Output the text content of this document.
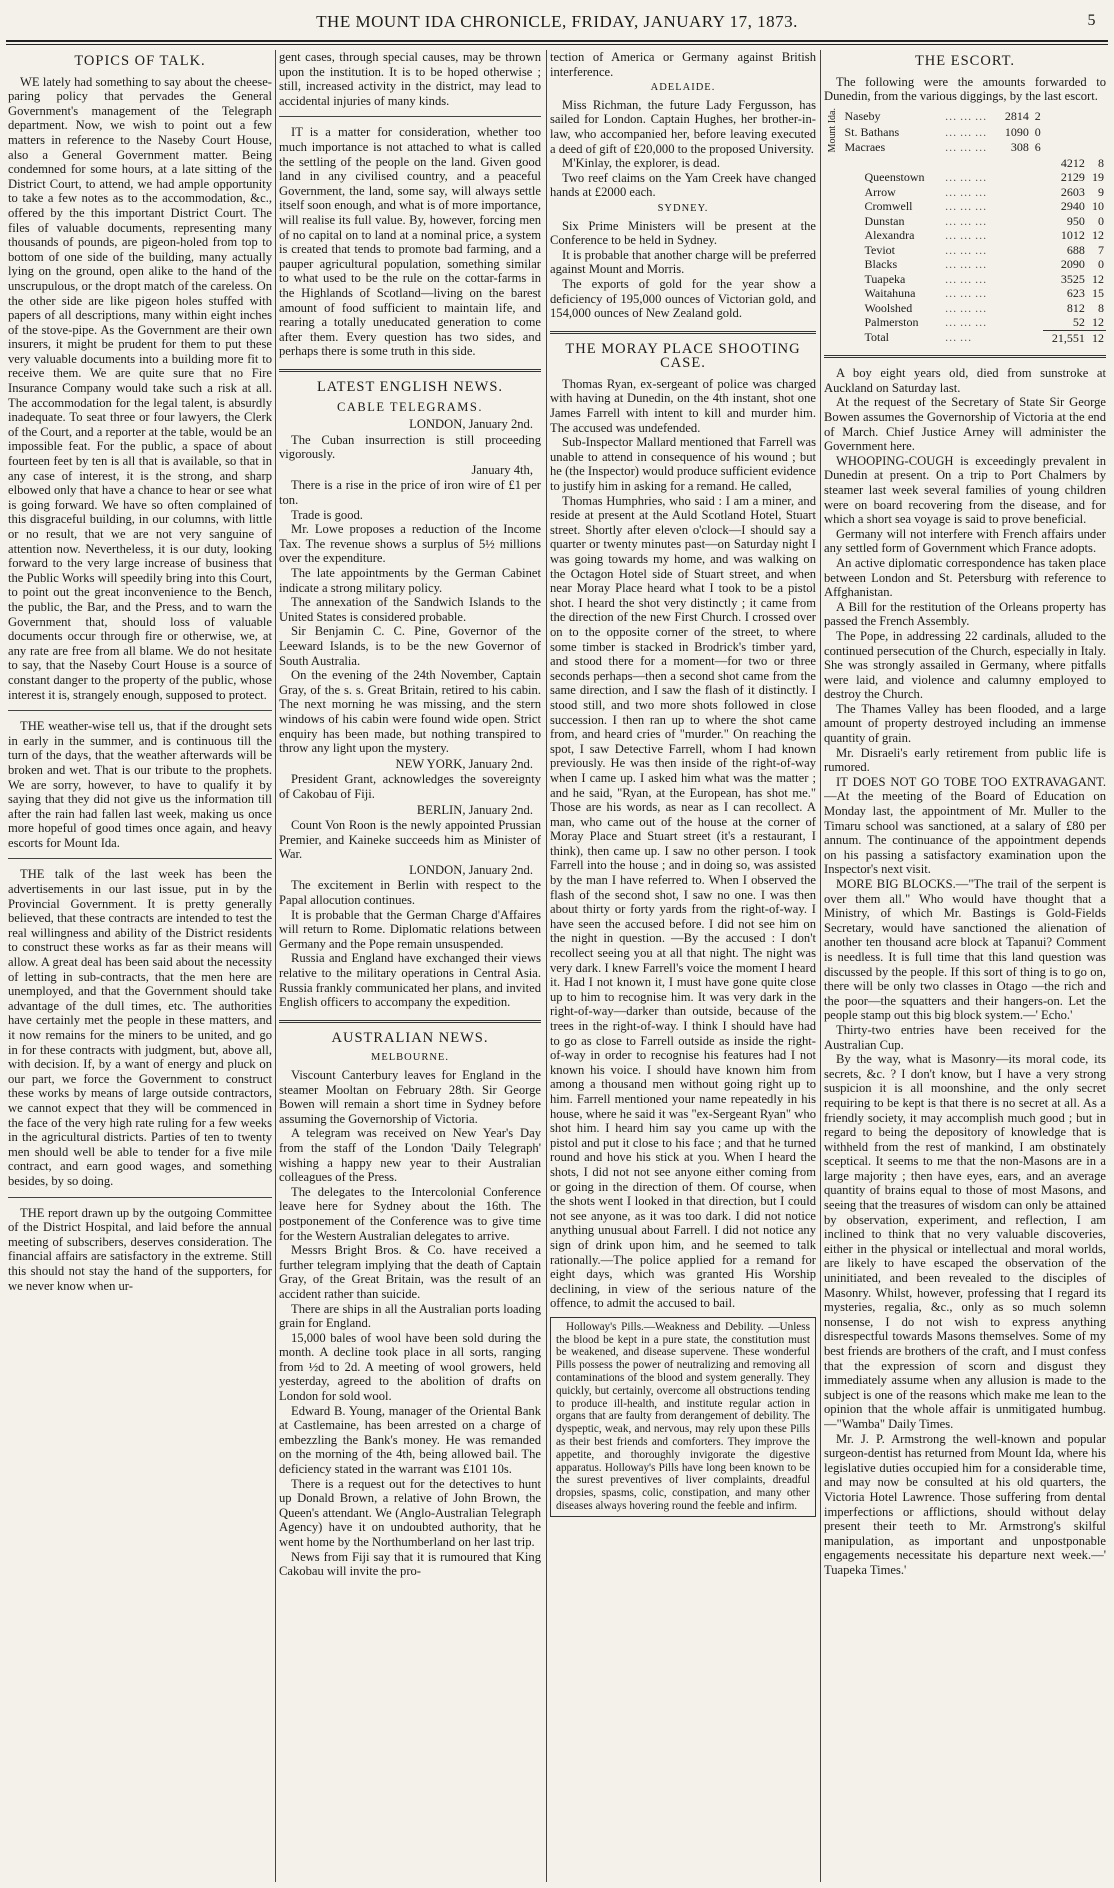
THE MOUNT IDA CHRONICLE, FRIDAY, JANUARY 17, 1873.	5
TOPICS OF TALK.

WE lately had something to say about the cheese-paring policy that pervades the General Government's management of the Telegraph department. Now, we wish to point out a few matters in reference to the Naseby Court House, also a General Government matter. Being condemned for some hours, at a late sitting of the District Court, to attend, we had ample opportunity to take a few notes as to the accommodation, &c., offered by the this important District Court. The files of valuable documents, representing many thousands of pounds, are pigeon-holed from top to bottom of one side of the building, many actually lying on the ground, open alike to the hand of the unscrupulous, or the dropt match of the careless. On the other side are like pigeon holes stuffed with papers of all descriptions, many within eight inches of the stove-pipe. As the Government are their own insurers, it might be prudent for them to put these very valuable documents into a building more fit to receive them. We are quite sure that no Fire Insurance Company would take such a risk at all. The accommodation for the legal talent, is absurdly inadequate. To seat three or four lawyers, the Clerk of the Court, and a reporter at the table, would be an impossible feat. For the public, a space of about fourteen feet by ten is all that is available, so that in any case of interest, it is the strong, and sharp elbowed only that have a chance to hear or see what is going forward. We have so often complained of this disgraceful building, in our columns, with little or no result, that we are not very sanguine of attention now. Nevertheless, it is our duty, looking forward to the very large increase of business that the Public Works will speedily bring into this Court, to point out the great inconvenience to the Bench, the public, the Bar, and the Press, and to warn the Government that, should loss of valuable documents occur through fire or otherwise, we, at any rate are free from all blame. We do not hesitate to say, that the Naseby Court House is a source of constant danger to the property of the public, whose interest it is, strangely enough, supposed to protect.

THE weather-wise tell us, that if the drought sets in early in the summer, and is continuous till the turn of the days, that the weather afterwards will be broken and wet. That is our tribute to the prophets. We are sorry, however, to have to qualify it by saying that they did not give us the information till after the rain had fallen last week, making us once more hopeful of good times once again, and heavy escorts for Mount Ida.

THE talk of the last week has been the advertisements in our last issue, put in by the Provincial Government. It is pretty generally believed, that these contracts are intended to test the real willingness and ability of the District residents to construct these works as far as their means will allow. A great deal has been said about the necessity of letting in sub-contracts, that the men here are unemployed, and that the Government should take advantage of the dull times, etc. The authorities have certainly met the people in these matters, and it now remains for the miners to be united, and go in for these contracts with judgment, but, above all, with decision. If, by a want of energy and pluck on our part, we force the Government to construct these works by means of large outside contractors, we cannot expect that they will be commenced in the face of the very high rate ruling for a few weeks in the agricultural districts. Parties of ten to twenty men should well be able to tender for a five mile contract, and earn good wages, and something besides, by so doing.

THE report drawn up by the outgoing Committee of the District Hospital, and laid before the annual meeting of subscribers, deserves consideration. The financial affairs are satisfactory in the extreme. Still this should not stay the hand of the supporters, for we never know when ur-

gent cases, through special causes, may be thrown upon the institution. It is to be hoped otherwise ; still, increased activity in the district, may lead to accidental injuries of many kinds.

IT is a matter for consideration, whether too much importance is not attached to what is called the settling of the people on the land. Given good land in any civilised country, and a peaceful Government, the land, some say, will always settle itself soon enough, and what is of more importance, will realise its full value. By, however, forcing men of no capital on to land at a nominal price, a system is created that tends to promote bad farming, and a pauper agricultural population, something similar to what used to be the rule on the cottar-farms in the Highlands of Scotland—living on the barest amount of food sufficient to maintain life, and rearing a totally uneducated generation to come after them. Every question has two sides, and perhaps there is some truth in this side.

LATEST ENGLISH NEWS.
CABLE TELEGRAMS.
LONDON, January 2nd.

The Cuban insurrection is still proceeding vigorously.

January 4th,

There is a rise in the price of iron wire of £1 per ton.

Trade is good.

Mr. Lowe proposes a reduction of the Income Tax. The revenue shows a surplus of 5½ millions over the expenditure.

The late appointments by the German Cabinet indicate a strong military policy.

The annexation of the Sandwich Islands to the United States is considered probable.

Sir Benjamin C. C. Pine, Governor of the Leeward Islands, is to be the new Governor of South Australia.

On the evening of the 24th November, Captain Gray, of the s. s. Great Britain, retired to his cabin. The next morning he was missing, and the stern windows of his cabin were found wide open. Strict enquiry has been made, but nothing transpired to throw any light upon the mystery.

NEW YORK, January 2nd.

President Grant, acknowledges the sovereignty of Cakobau of Fiji.

BERLIN, January 2nd.

Count Von Roon is the newly appointed Prussian Premier, and Kaineke succeeds him as Minister of War.

LONDON, January 2nd.

The excitement in Berlin with respect to the Papal allocution continues.

It is probable that the German Charge d'Affaires will return to Rome. Diplomatic relations between Germany and the Pope remain unsuspended.

Russia and England have exchanged their views relative to the military operations in Central Asia. Russia frankly communicated her plans, and invited English officers to accompany the expedition.

AUSTRALIAN NEWS.
MELBOURNE.

Viscount Canterbury leaves for England in the steamer Mooltan on February 28th. Sir George Bowen will remain a short time in Sydney before assuming the Governorship of Victoria.

A telegram was received on New Year's Day from the staff of the London 'Daily Telegraph' wishing a happy new year to their Australian colleagues of the Press.

The delegates to the Intercolonial Conference leave here for Sydney about the 16th. The postponement of the Conference was to give time for the Western Australian delegates to arrive.

Messrs Bright Bros. & Co. have received a further telegram implying that the death of Captain Gray, of the Great Britain, was the result of an accident rather than suicide.

There are ships in all the Australian ports loading grain for England.

15,000 bales of wool have been sold during the month. A decline took place in all sorts, ranging from ½d to 2d. A meeting of wool growers, held yesterday, agreed to the abolition of drafts on London for sold wool.

Edward B. Young, manager of the Oriental Bank at Castlemaine, has been arrested on a charge of embezzling the Bank's money. He was remanded on the morning of the 4th, being allowed bail. The deficiency stated in the warrant was £101 10s.

There is a request out for the detectives to hunt up Donald Brown, a relative of John Brown, the Queen's attendant. We (Anglo-Australian Telegraph Agency) have it on undoubted authority, that he went home by the Northumberland on her last trip.

News from Fiji say that it is rumoured that King Cakobau will invite the pro-

tection of America or Germany against British interference.

ADELAIDE.

Miss Richman, the future Lady Fergusson, has sailed for London. Captain Hughes, her brother-in-law, who accompanied her, before leaving executed a deed of gift of £20,000 to the proposed University.

M'Kinlay, the explorer, is dead.

Two reef claims on the Yam Creek have changed hands at £2000 each.

SYDNEY.

Six Prime Ministers will be present at the Conference to be held in Sydney.

It is probable that another charge will be preferred against Mount and Morris.

The exports of gold for the year show a deficiency of 195,000 ounces of Victorian gold, and 154,000 ounces of New Zealand gold.

THE MORAY PLACE SHOOTING CASE.

Thomas Ryan, ex-sergeant of police was charged with having at Dunedin, on the 4th instant, shot one James Farrell with intent to kill and murder him. The accused was undefended.

Sub-Inspector Mallard mentioned that Farrell was unable to attend in consequence of his wound ; but he (the Inspector) would produce sufficient evidence to justify him in asking for a remand. He called,

Thomas Humphries, who said : I am a miner, and reside at present at the Auld Scotland Hotel, Stuart street. Shortly after eleven o'clock—I should say a quarter or twenty minutes past—on Saturday night I was going towards my home, and was walking on the Octagon Hotel side of Stuart street, and when near Moray Place heard what I took to be a pistol shot. I heard the shot very distinctly ; it came from the direction of the new First Church. I crossed over on to the opposite corner of the street, to where some timber is stacked in Brodrick's timber yard, and stood there for a moment—for two or three seconds perhaps—then a second shot came from the same direction, and I saw the flash of it distinctly. I stood still, and two more shots followed in close succession. I then ran up to where the shot came from, and heard cries of "murder." On reaching the spot, I saw Detective Farrell, whom I had known previously. He was then inside of the right-of-way when I came up. I asked him what was the matter ; and he said, "Ryan, at the European, has shot me." Those are his words, as near as I can recollect. A man, who came out of the house at the corner of Moray Place and Stuart street (it's a restaurant, I think), then came up. I saw no other person. I took Farrell into the house ; and in doing so, was assisted by the man I have referred to. When I observed the flash of the second shot, I saw no one. I was then about thirty or forty yards from the right-of-way. I have seen the accused before. I did not see him on the night in question. —By the accused : I don't recollect seeing you at all that night. The night was very dark. I knew Farrell's voice the moment I heard it. Had I not known it, I must have gone quite close up to him to recognise him. It was very dark in the right-of-way—darker than outside, because of the trees in the right-of-way. I think I should have had to go as close to Farrell outside as inside the right-of-way in order to recognise his features had I not known his voice. I should have known him from among a thousand men without going right up to him. Farrell mentioned your name repeatedly in his house, where he said it was "ex-Sergeant Ryan" who shot him. I heard him say you came up with the pistol and put it close to his face ; and that he turned round and hove his stick at you. When I heard the shots, I did not not see anyone either coming from or going in the direction of them. Of course, when the shots went I looked in that direction, but I could not see anyone, as it was too dark. I did not notice anything unusual about Farrell. I did not notice any sign of drink upon him, and he seemed to talk rationally.—The police applied for a remand for eight days, which was granted His Worship declining, in view of the serious nature of the offence, to admit the accused to bail.

Holloway's Pills.—Weakness and Debility. —Unless the blood be kept in a pure state, the constitution must be weakened, and disease supervene. These wonderful Pills possess the power of neutralizing and removing all contaminations of the blood and system generally. They quickly, but certainly, overcome all obstructions tending to produce ill-health, and institute regular action in organs that are faulty from derangement of debility. The dyspeptic, weak, and nervous, may rely upon these Pills as their best friends and comforters. They improve the appetite, and thoroughly invigorate the digestive apparatus. Holloway's Pills have long been known to be the surest preventives of liver complaints, dreadful dropsies, spasms, colic, constipation, and many other diseases always hovering round the feeble and infirm.

THE ESCORT.

The following were the amounts forwarded to Dunedin, from the various diggings, by the last escort.

Mount Ida.	Naseby	… … …	2814	2		
	St. Bathans	… … …	1090	0		
	Macraes	… … …	308	6		
					4212	8
	Queenstown	… … …			2129	19
	Arrow	… … …			2603	9
	Cromwell	… … …			2940	10
	Dunstan	… … …			950	0
	Alexandra	… … …			1012	12
	Teviot	… … …			688	7
	Blacks	… … …			2090	0
	Tuapeka	… … …			3525	12
	Waitahuna	… … …			623	15
	Woolshed	… … …			812	8
	Palmerston	… … …			52	12
	Total	… …			21,551	12

A boy eight years old, died from sunstroke at Auckland on Saturday last.

At the request of the Secretary of State Sir George Bowen assumes the Governorship of Victoria at the end of March. Chief Justice Arney will administer the Government here.

WHOOPING-COUGH is exceedingly prevalent in Dunedin at present. On a trip to Port Chalmers by steamer last week several families of young children were on board recovering from the disease, and for which a short sea voyage is said to prove beneficial.

Germany will not interfere with French affairs under any settled form of Government which France adopts.

An active diplomatic correspondence has taken place between London and St. Petersburg with reference to Affghanistan.

A Bill for the restitution of the Orleans property has passed the French Assembly.

The Pope, in addressing 22 cardinals, alluded to the continued persecution of the Church, especially in Italy. She was strongly assailed in Germany, where pitfalls were laid, and violence and calumny employed to destroy the Church.

The Thames Valley has been flooded, and a large amount of property destroyed including an immense quantity of grain.

Mr. Disraeli's early retirement from public life is rumored.

IT DOES NOT GO TOBE TOO EXTRAVAGANT. —At the meeting of the Board of Education on Monday last, the appointment of Mr. Muller to the Timaru school was sanctioned, at a salary of £80 per annum. The continuance of the appointment depends on his passing a satisfactory examination upon the Inspector's next visit.

MORE BIG BLOCKS.—"The trail of the serpent is over them all." Who would have thought that a Ministry, of which Mr. Bastings is Gold-Fields Secretary, would have sanctioned the alienation of another ten thousand acre block at Tapanui? Comment is needless. It is full time that this land question was discussed by the people. If this sort of thing is to go on, there will be only two classes in Otago —the rich and the poor—the squatters and their hangers-on. Let the people stamp out this big block system.—' Echo.'

Thirty-two entries have been received for the Australian Cup.

By the way, what is Masonry—its moral code, its secrets, &c. ? I don't know, but I have a very strong suspicion it is all moonshine, and the only secret requiring to be kept is that there is no secret at all. As a friendly society, it may accomplish much good ; but in regard to being the depository of knowledge that is withheld from the rest of mankind, I am obstinately sceptical. It seems to me that the non-Masons are in a large majority ; then have eyes, ears, and an average quantity of brains equal to those of most Masons, and seeing that the treasures of wisdom can only be attained by observation, experiment, and reflection, I am inclined to think that no very valuable discoveries, either in the physical or intellectual and moral worlds, are likely to have escaped the observation of the uninitiated, and been revealed to the disciples of Masonry. Whilst, however, professing that I regard its mysteries, regalia, &c., only as so much solemn nonsense, I do not wish to express anything disrespectful towards Masons themselves. Some of my best friends are brothers of the craft, and I must confess that the expression of scorn and disgust they immediately assume when any allusion is made to the subject is one of the reasons which make me lean to the opinion that the whole affair is unmitigated humbug. —"Wamba" Daily Times.

Mr. J. P. Armstrong the well-known and popular surgeon-dentist has returned from Mount Ida, where his legislative duties occupied him for a considerable time, and may now be consulted at his old quarters, the Victoria Hotel Lawrence. Those suffering from dental imperfections or afflictions, should without delay present their teeth to Mr. Armstrong's skilful manipulation, as important and unpostponable engagements necessitate his departure next week.—' Tuapeka Times.'
